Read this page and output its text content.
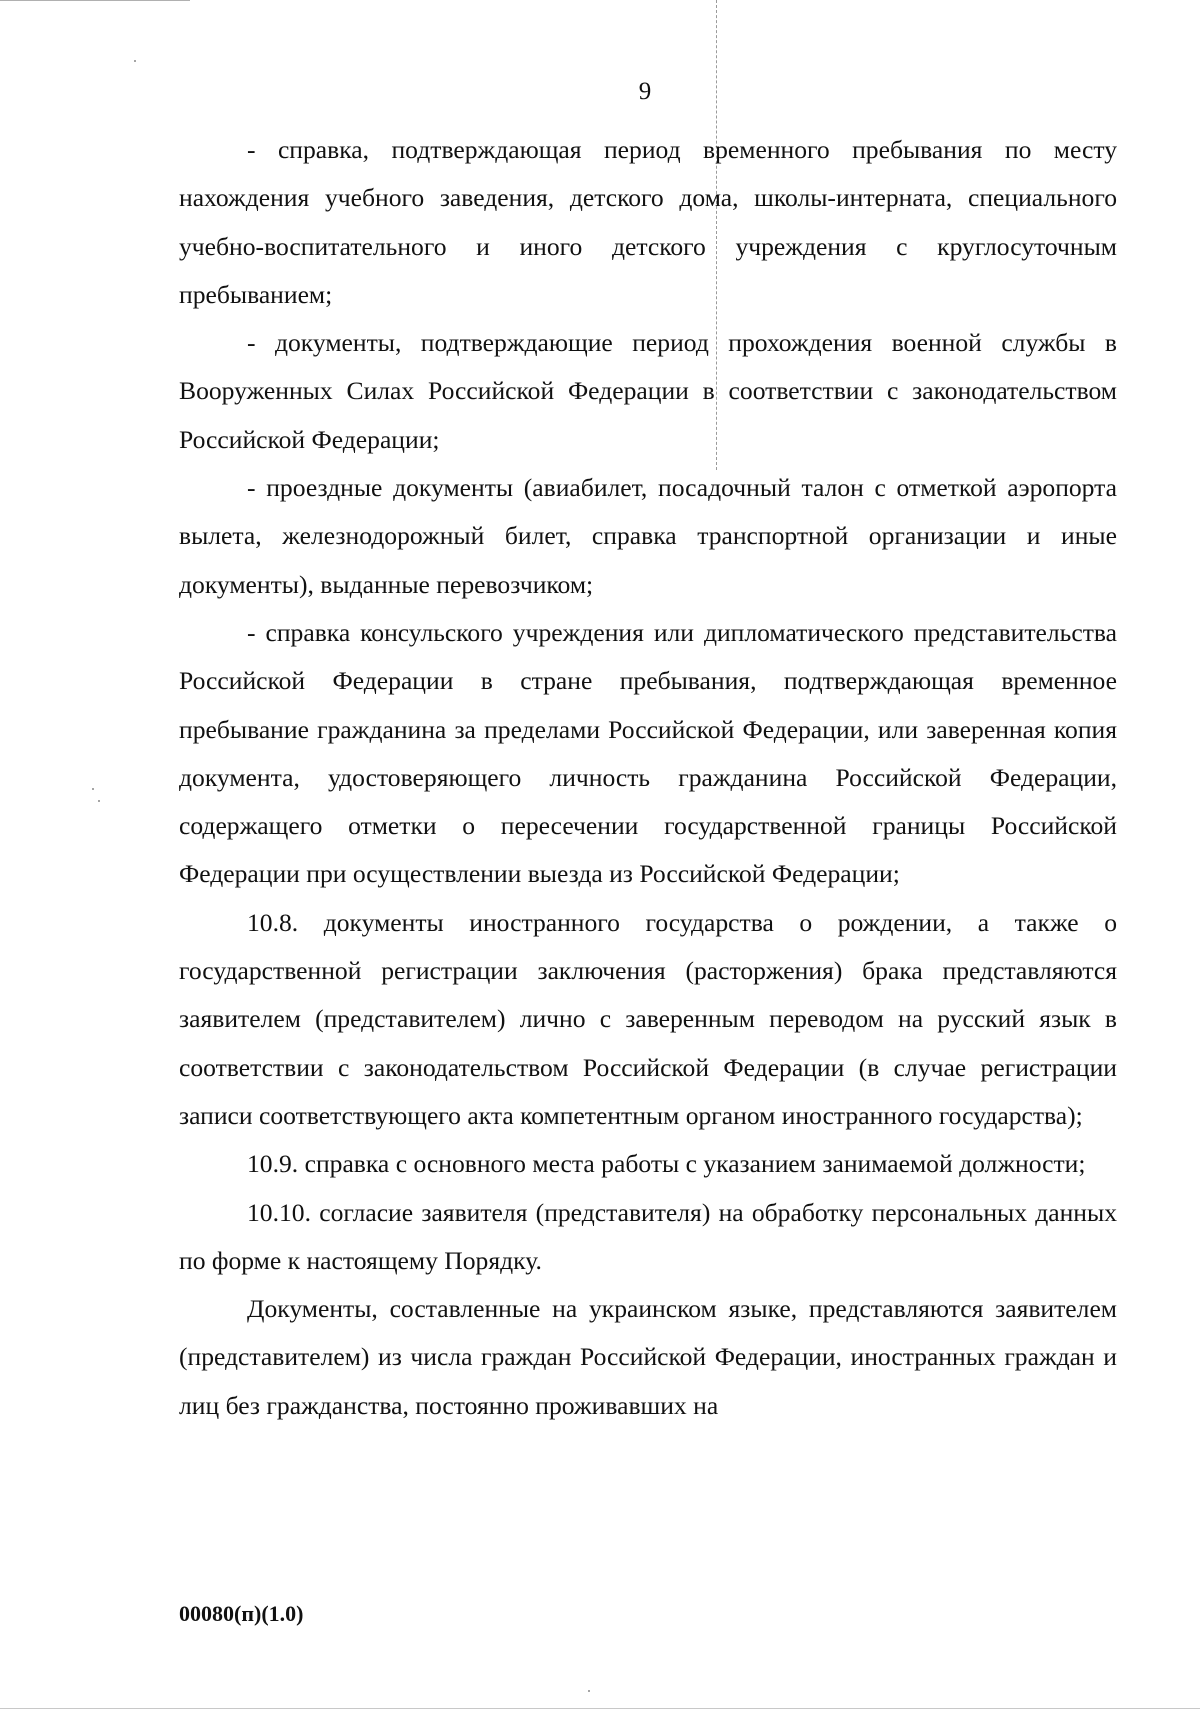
9

- справка, подтверждающая период временного пребывания по месту нахождения учебного заведения, детского дома, школы-интерната, специального учебно-воспитательного и иного детского учреждения с круглосуточным пребыванием;

- документы, подтверждающие период прохождения военной службы в Вооруженных Силах Российской Федерации в соответствии с законодательством Российской Федерации;

- проездные документы (авиабилет, посадочный талон с отметкой аэропорта вылета, железнодорожный билет, справка транспортной организации и иные документы), выданные перевозчиком;

- справка консульского учреждения или дипломатического представительства Российской Федерации в стране пребывания, подтверждающая временное пребывание гражданина за пределами Российской Федерации, или заверенная копия документа, удостоверяющего личность гражданина Российской Федерации, содержащего отметки о пересечении государственной границы Российской Федерации при осуществлении выезда из Российской Федерации;

10.8. документы иностранного государства о рождении, а также о государственной регистрации заключения (расторжения) брака представляются заявителем (представителем) лично с заверенным переводом на русский язык в соответствии с законодательством Российской Федерации (в случае регистрации записи соответствующего акта компетентным органом иностранного государства);

10.9. справка с основного места работы с указанием занимаемой должности;

10.10. согласие заявителя (представителя) на обработку персональных данных по форме к настоящему Порядку.

Документы, составленные на украинском языке, представляются заявителем (представителем) из числа граждан Российской Федерации, иностранных граждан и лиц без гражданства, постоянно проживавших на

00080(п)(1.0)
